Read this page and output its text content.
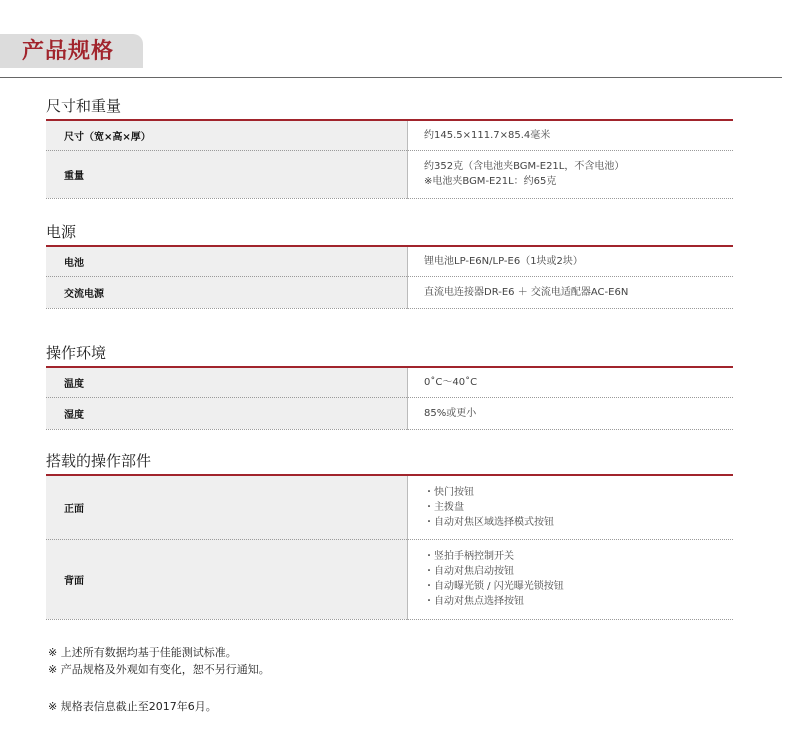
产品规格
尺寸和重量
尺寸（宽×高×厚）	约145.5×111.7×85.4毫米

重量	约352克（含电池夹BGM-E21L，不含电池）
※电池夹BGM-E21L：约65克
电源
电池	锂电池LP-E6N/LP-E6（1块或2块）

交流电源	直流电连接器DR-E6 ＋ 交流电适配器AC-E6N
操作环境
温度	0˚C～40˚C

湿度	85%或更小
搭载的操作部件
正面	・快门按钮
・主拨盘
・自动对焦区域选择模式按钮

背面	・竖拍手柄控制开关
・自动对焦启动按钮
・自动曝光锁 / 闪光曝光锁按钮
・自动对焦点选择按钮
※ 上述所有数据均基于佳能测试标准。
※ 产品规格及外观如有变化，恕不另行通知。
※ 规格表信息截止至2017年6月。
